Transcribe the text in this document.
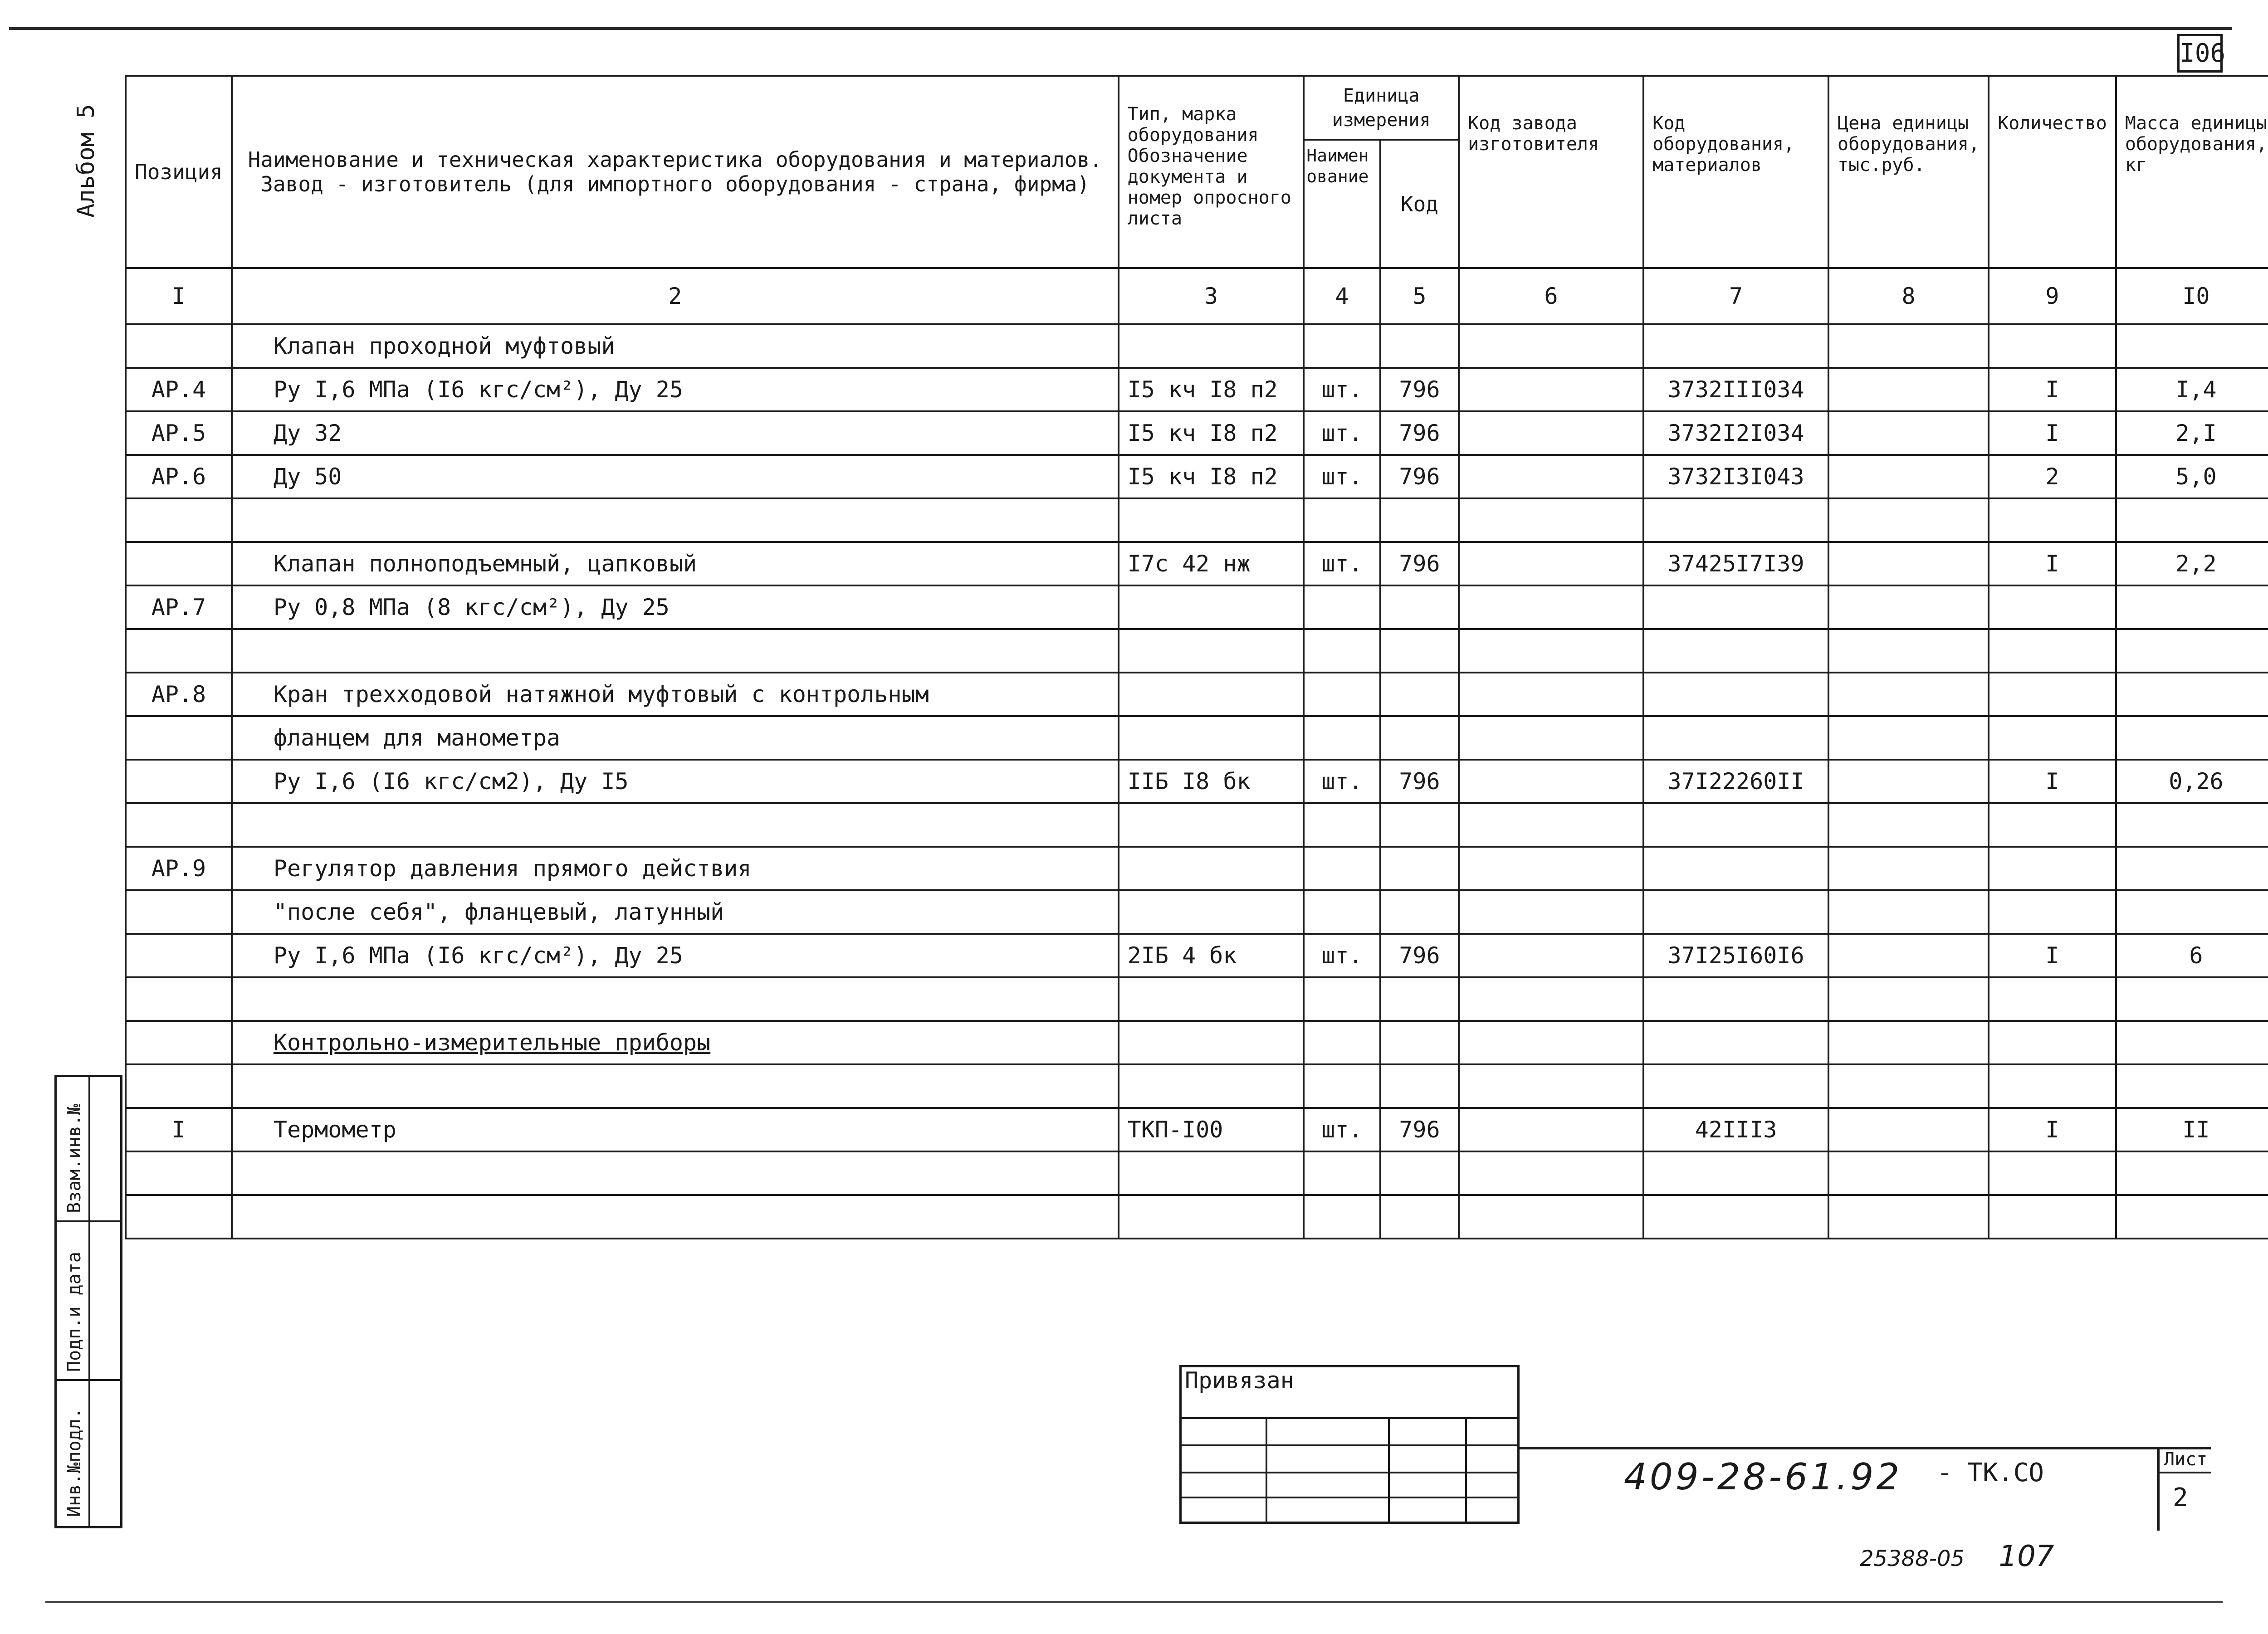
I06
Альбом 5 Позиция	Наименование и техническая характеристика оборудования и материалов. Завод - изготовитель (для импортного оборудования - страна, фирма)	Тип, марка оборудования Обозначение документа и номер опросного листа	Единица измерения		Код завода изготовителя	Код оборудования, материалов	Цена единицы оборудования, тыс.руб.	Количество	Масса единицы оборудования, кг
			Наименование	Код					
I	2	3	4	5	6	7	8	9	I0
	Клапан проходной муфтовый								
АР.4	Ру I,6 МПа (I6 кгс/см²), Ду 25	I5 кч I8 п2	шт.	796		3732III034		I	I,4
АР.5	Ду 32	I5 кч I8 п2	шт.	796		3732I2I034		I	2,I
АР.6	Ду 50	I5 кч I8 п2	шт.	796		3732I3I043		2	5,0

	Клапан полноподъемный, цапковый	I7с 42 нж	шт.	796		37425I7I39		I	2,2
АР.7	Ру 0,8 МПа (8 кгс/см²), Ду 25								

АР.8	Кран трехходовой натяжной муфтовый с контрольным								
	фланцем для манометра								
	Ру I,6 (I6 кгс/см2), Ду I5	IIБ I8 бк	шт.	796		37I22260II		I	0,26

АР.9	Регулятор давления прямого действия								
	"после себя", фланцевый, латунный								
	Ру I,6 МПа (I6 кгс/см²), Ду 25	2IБ 4 бк	шт.	796		37I25I60I6		I	6

	Контрольно-измерительные приборы								

I	Термометр	ТКП-I00	шт.	796		42III3		I	II

Взам.инв.№
Подп.и дата
Инв.№подл.
Привязан
409-28-61.92 - ТК.СО	Лист
2
25388-05 107
